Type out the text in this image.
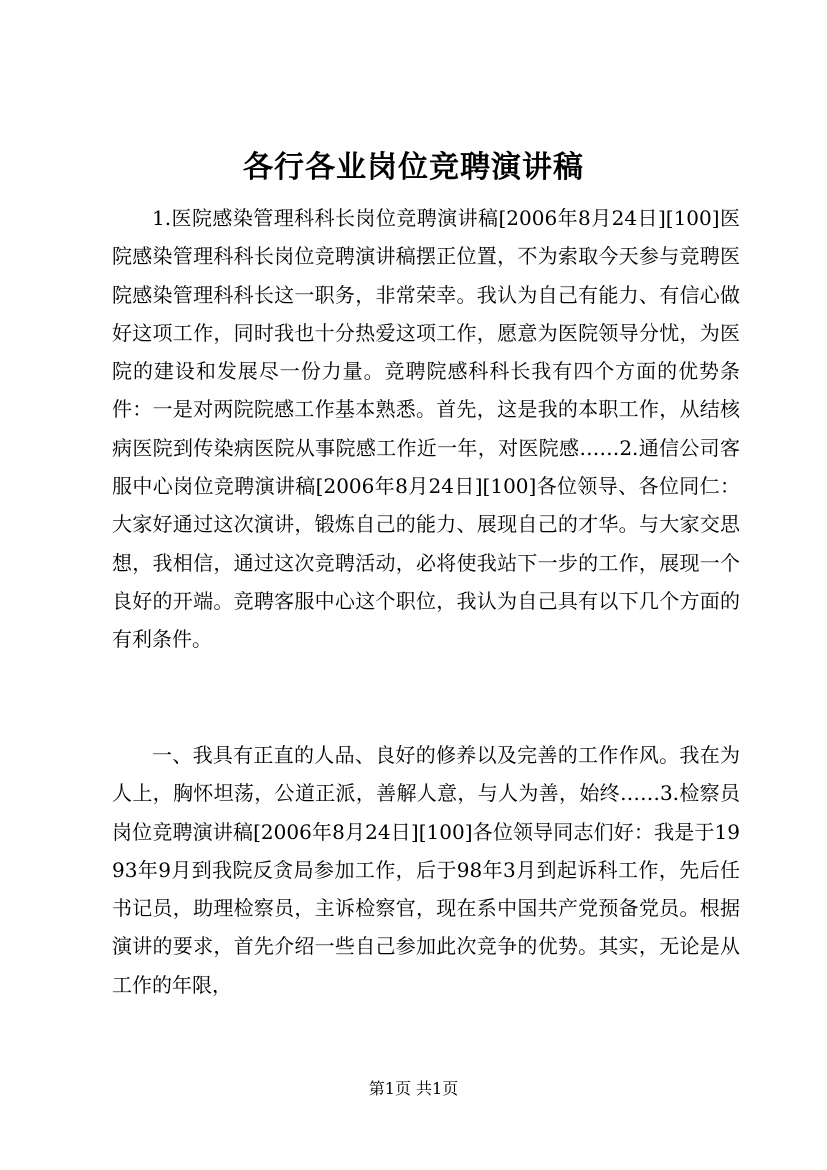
各行各业岗位竞聘演讲稿
1.医院感染管理科科长岗位竞聘演讲稿[2006年8月24日][100]医院感染管理科科长岗位竞聘演讲稿摆正位置，不为索取今天参与竞聘医院感染管理科科长这一职务，非常荣幸。我认为自己有能力、有信心做好这项工作，同时我也十分热爱这项工作，愿意为医院领导分忧，为医院的建设和发展尽一份力量。竞聘院感科科长我有四个方面的优势条件：一是对两院院感工作基本熟悉。首先，这是我的本职工作，从结核病医院到传染病医院从事院感工作近一年，对医院感……2.通信公司客服中心岗位竞聘演讲稿[2006年8月24日][100]各位领导、各位同仁：大家好通过这次演讲，锻炼自己的能力、展现自己的才华。与大家交思想，我相信，通过这次竞聘活动，必将使我站下一步的工作，展现一个良好的开端。竞聘客服中心这个职位，我认为自己具有以下几个方面的有利条件。
一、我具有正直的人品、良好的修养以及完善的工作作风。我在为人上，胸怀坦荡，公道正派，善解人意，与人为善，始终……3.检察员岗位竞聘演讲稿[2006年8月24日][100]各位领导同志们好：我是于1993年9月到我院反贪局参加工作，后于98年3月到起诉科工作，先后任书记员，助理检察员，主诉检察官，现在系中国共产党预备党员。根据演讲的要求，首先介绍一些自己参加此次竞争的优势。其实，无论是从工作的年限，
第1页 共1页
